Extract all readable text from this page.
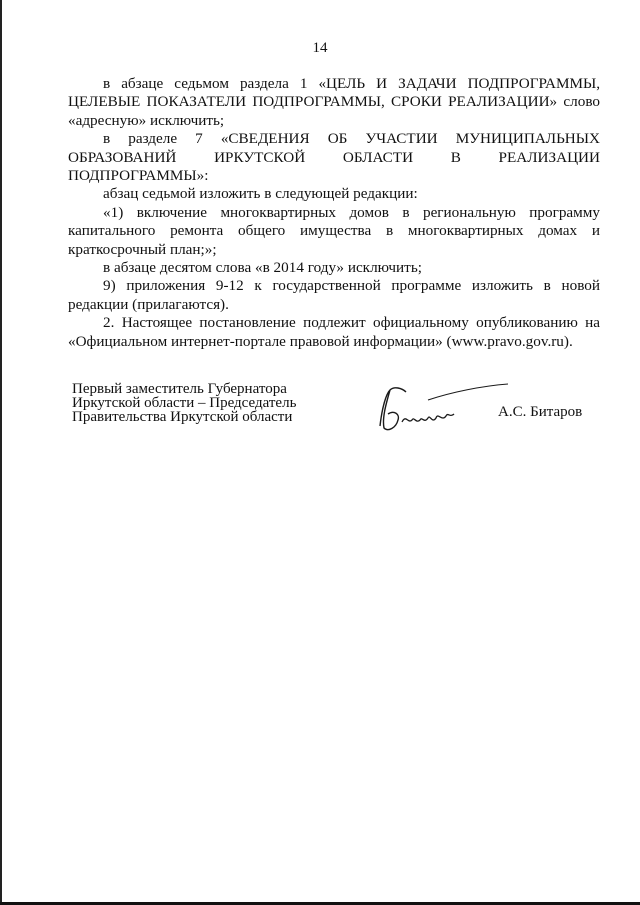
14

в абзаце седьмом раздела 1 «ЦЕЛЬ И ЗАДАЧИ ПОДПРОГРАММЫ, ЦЕЛЕВЫЕ ПОКАЗАТЕЛИ ПОДПРОГРАММЫ, СРОКИ РЕАЛИЗАЦИИ» слово «адресную» исключить;

в разделе 7 «СВЕДЕНИЯ ОБ УЧАСТИИ МУНИЦИПАЛЬНЫХ ОБРАЗОВАНИЙ ИРКУТСКОЙ ОБЛАСТИ В РЕАЛИЗАЦИИ ПОДПРОГРАММЫ»:

абзац седьмой изложить в следующей редакции:

«1) включение многоквартирных домов в региональную программу капитального ремонта общего имущества в многоквартирных домах и краткосрочный план;»;

в абзаце десятом слова «в 2014 году» исключить;

9) приложения 9-12 к государственной программе изложить в новой редакции (прилагаются).

2. Настоящее постановление подлежит официальному опубликованию на «Официальном интернет-портале правовой информации» (www.pravo.gov.ru).

Первый заместитель Губернатора
Иркутской области – Председатель
Правительства Иркутской области	А.С. Битаров
